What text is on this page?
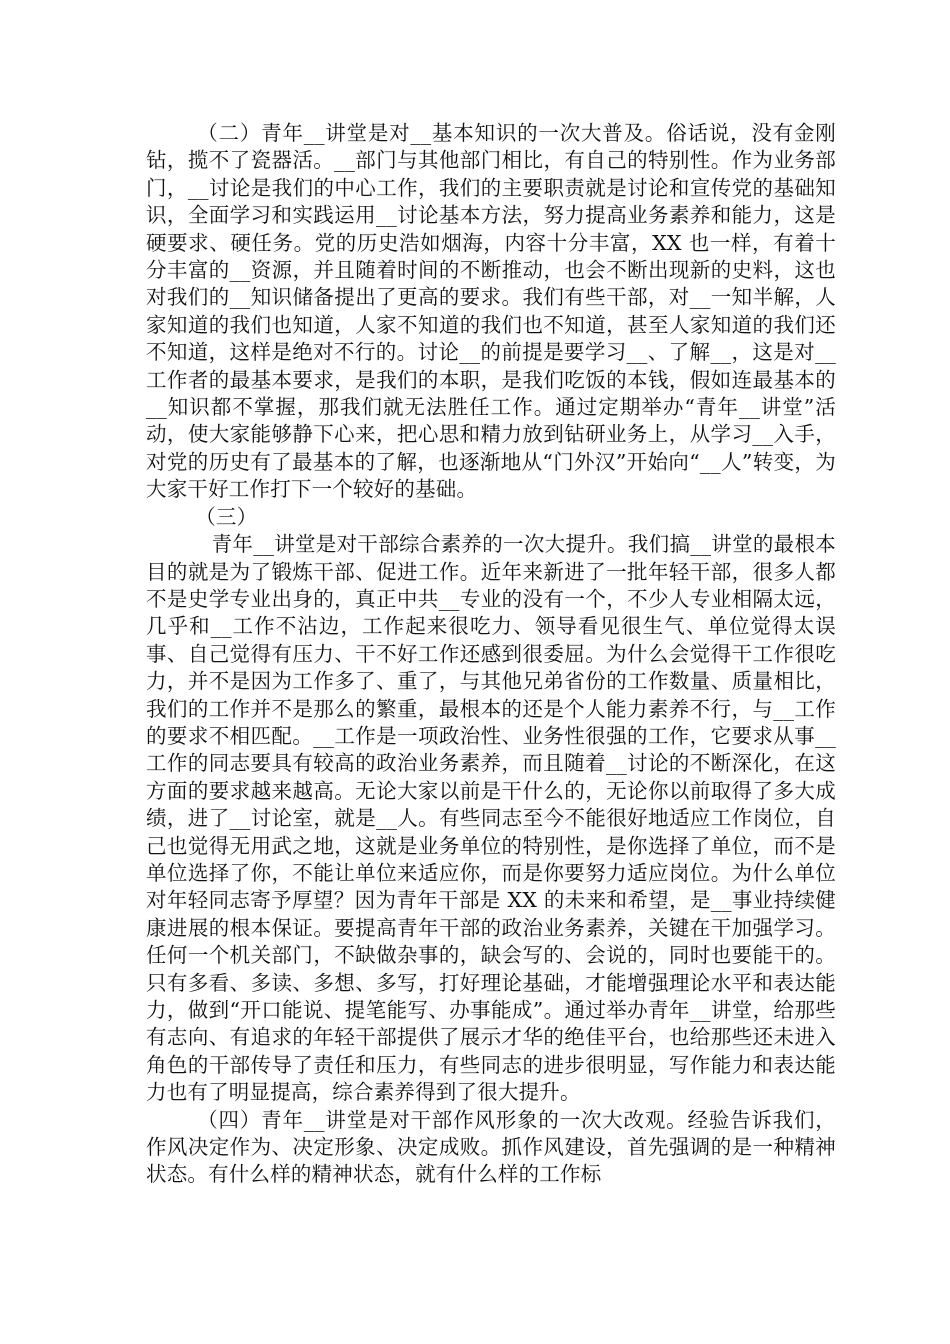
（二）青年__讲堂是对__基本知识的一次大普及。俗话说，没有金刚钻，揽不了瓷器活。__部门与其他部门相比，有自己的特别性。作为业务部门，__讨论是我们的中心工作，我们的主要职责就是讨论和宣传党的基础知识，全面学习和实践运用__讨论基本方法，努力提高业务素养和能力，这是硬要求、硬任务。党的历史浩如烟海，内容十分丰富，XX 也一样，有着十分丰富的__资源，并且随着时间的不断推动，也会不断出现新的史料，这也对我们的__知识储备提出了更高的要求。我们有些干部，对__一知半解，人家知道的我们也知道，人家不知道的我们也不知道，甚至人家知道的我们还不知道，这样是绝对不行的。讨论__的前提是要学习__、了解__，这是对__工作者的最基本要求，是我们的本职，是我们吃饭的本钱，假如连最基本的__知识都不掌握，那我们就无法胜任工作。通过定期举办“青年__讲堂”活动，使大家能够静下心来，把心思和精力放到钻研业务上，从学习__入手，对党的历史有了最基本的了解，也逐渐地从“门外汉”开始向“__人”转变，为大家干好工作打下一个较好的基础。

（三）

青年__讲堂是对干部综合素养的一次大提升。我们搞__讲堂的最根本目的就是为了锻炼干部、促进工作。近年来新进了一批年轻干部，很多人都不是史学专业出身的，真正中共__专业的没有一个，不少人专业相隔太远，几乎和__工作不沾边，工作起来很吃力、领导看见很生气、单位觉得太误事、自己觉得有压力、干不好工作还感到很委屈。为什么会觉得干工作很吃力，并不是因为工作多了、重了，与其他兄弟省份的工作数量、质量相比，我们的工作并不是那么的繁重，最根本的还是个人能力素养不行，与__工作的要求不相匹配。__工作是一项政治性、业务性很强的工作，它要求从事__工作的同志要具有较高的政治业务素养，而且随着__讨论的不断深化，在这方面的要求越来越高。无论大家以前是干什么的，无论你以前取得了多大成绩，进了__讨论室，就是__人。有些同志至今不能很好地适应工作岗位，自己也觉得无用武之地，这就是业务单位的特别性，是你选择了单位，而不是单位选择了你，不能让单位来适应你，而是你要努力适应岗位。为什么单位对年轻同志寄予厚望？因为青年干部是 XX 的未来和希望，是__事业持续健康进展的根本保证。要提高青年干部的政治业务素养，关键在干加强学习。任何一个机关部门，不缺做杂事的，缺会写的、会说的，同时也要能干的。只有多看、多读、多想、多写，打好理论基础，才能增强理论水平和表达能力，做到“开口能说、提笔能写、办事能成”。通过举办青年__讲堂，给那些有志向、有追求的年轻干部提供了展示才华的绝佳平台，也给那些还未进入角色的干部传导了责任和压力，有些同志的进步很明显，写作能力和表达能力也有了明显提高，综合素养得到了很大提升。

（四）青年__讲堂是对干部作风形象的一次大改观。经验告诉我们，作风决定作为、决定形象、决定成败。抓作风建设，首先强调的是一种精神状态。有什么样的精神状态，就有什么样的工作标
